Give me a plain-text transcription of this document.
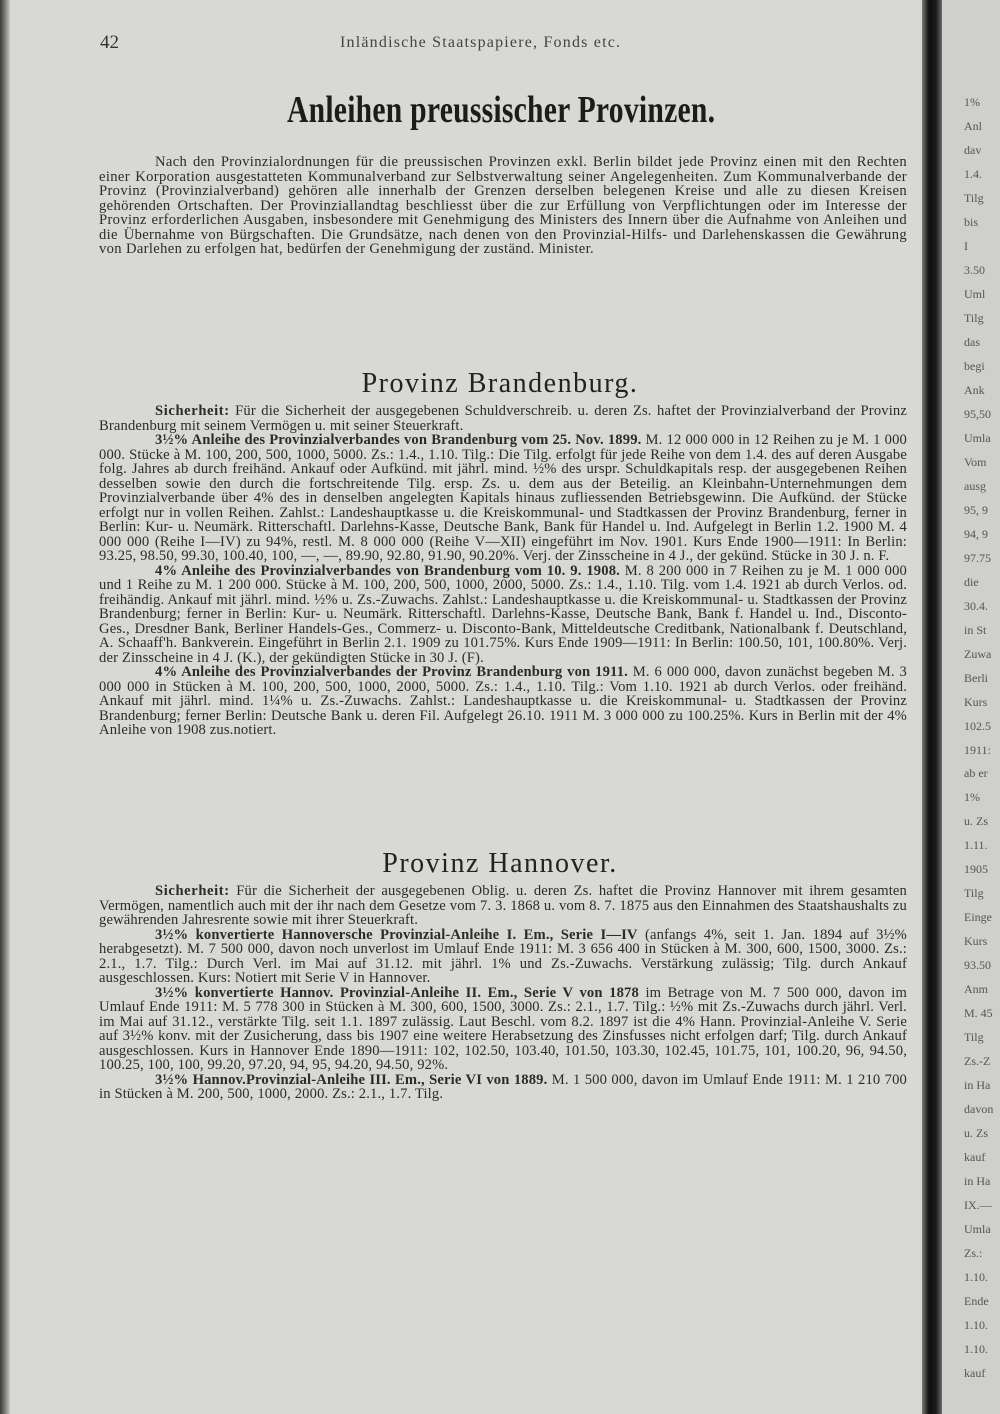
42	Inländische Staatspapiere, Fonds etc.
Anleihen preussischer Provinzen.

Nach den Provinzialordnungen für die preussischen Provinzen exkl. Berlin bildet jede Provinz einen mit den Rechten einer Korporation ausgestatteten Kommunalverband zur Selbstverwaltung seiner Angelegenheiten. Zum Kommunalverbande der Provinz (Provinzialverband) gehören alle innerhalb der Grenzen derselben belegenen Kreise und alle zu diesen Kreisen gehörenden Ortschaften. Der Provinziallandtag beschliesst über die zur Erfüllung von Verpflichtungen oder im Interesse der Provinz erforderlichen Ausgaben, insbesondere mit Genehmigung des Ministers des Innern über die Aufnahme von Anleihen und die Übernahme von Bürgschaften. Die Grundsätze, nach denen von den Provinzial-Hilfs- und Darlehenskassen die Gewährung von Darlehen zu erfolgen hat, bedürfen der Genehmigung der zuständ. Minister.

Provinz Brandenburg.

Sicherheit: Für die Sicherheit der ausgegebenen Schuldverschreib. u. deren Zs. haftet der Provinzialverband der Provinz Brandenburg mit seinem Vermögen u. mit seiner Steuerkraft.

3½% Anleihe des Provinzialverbandes von Brandenburg vom 25. Nov. 1899. M. 12 000 000 in 12 Reihen zu je M. 1 000 000. Stücke à M. 100, 200, 500, 1000, 5000. Zs.: 1.4., 1.10. Tilg.: Die Tilg. erfolgt für jede Reihe von dem 1.4. des auf deren Ausgabe folg. Jahres ab durch freihänd. Ankauf oder Aufkünd. mit jährl. mind. ½% des urspr. Schuldkapitals resp. der ausgegebenen Reihen desselben sowie den durch die fortschreitende Tilg. ersp. Zs. u. dem aus der Beteilig. an Kleinbahn-Unternehmungen dem Provinzialverbande über 4% des in denselben angelegten Kapitals hinaus zufliessenden Betriebsgewinn. Die Aufkünd. der Stücke erfolgt nur in vollen Reihen. Zahlst.: Landeshauptkasse u. die Kreiskommunal- und Stadtkassen der Provinz Brandenburg, ferner in Berlin: Kur- u. Neumärk. Ritterschaftl. Darlehns-Kasse, Deutsche Bank, Bank für Handel u. Ind. Aufgelegt in Berlin 1.2. 1900 M. 4 000 000 (Reihe I—IV) zu 94%, restl. M. 8 000 000 (Reihe V—XII) eingeführt im Nov. 1901. Kurs Ende 1900—1911: In Berlin: 93.25, 98.50, 99.30, 100.40, 100, —, —, 89.90, 92.80, 91.90, 90.20%. Verj. der Zinsscheine in 4 J., der gekünd. Stücke in 30 J. n. F.

4% Anleihe des Provinzialverbandes von Brandenburg vom 10. 9. 1908. M. 8 200 000 in 7 Reihen zu je M. 1 000 000 und 1 Reihe zu M. 1 200 000. Stücke à M. 100, 200, 500, 1000, 2000, 5000. Zs.: 1.4., 1.10. Tilg. vom 1.4. 1921 ab durch Verlos. od. freihändig. Ankauf mit jährl. mind. ½% u. Zs.-Zuwachs. Zahlst.: Landeshauptkasse u. die Kreiskommunal- u. Stadtkassen der Provinz Brandenburg; ferner in Berlin: Kur- u. Neumärk. Ritterschaftl. Darlehns-Kasse, Deutsche Bank, Bank f. Handel u. Ind., Disconto-Ges., Dresdner Bank, Berliner Handels-Ges., Commerz- u. Disconto-Bank, Mitteldeutsche Creditbank, Nationalbank f. Deutschland, A. Schaaff'h. Bankverein. Eingeführt in Berlin 2.1. 1909 zu 101.75%. Kurs Ende 1909—1911: In Berlin: 100.50, 101, 100.80%. Verj. der Zinsscheine in 4 J. (K.), der gekündigten Stücke in 30 J. (F).

4% Anleihe des Provinzialverbandes der Provinz Brandenburg von 1911. M. 6 000 000, davon zunächst begeben M. 3 000 000 in Stücken à M. 100, 200, 500, 1000, 2000, 5000. Zs.: 1.4., 1.10. Tilg.: Vom 1.10. 1921 ab durch Verlos. oder freihänd. Ankauf mit jährl. mind. 1¼% u. Zs.-Zuwachs. Zahlst.: Landeshauptkasse u. die Kreiskommunal- u. Stadtkassen der Provinz Brandenburg; ferner Berlin: Deutsche Bank u. deren Fil. Aufgelegt 26.10. 1911 M. 3 000 000 zu 100.25%. Kurs in Berlin mit der 4% Anleihe von 1908 zus.notiert.

Provinz Hannover.

Sicherheit: Für die Sicherheit der ausgegebenen Oblig. u. deren Zs. haftet die Provinz Hannover mit ihrem gesamten Vermögen, namentlich auch mit der ihr nach dem Gesetze vom 7. 3. 1868 u. vom 8. 7. 1875 aus den Einnahmen des Staatshaushalts zu gewährenden Jahresrente sowie mit ihrer Steuerkraft.

3½% konvertierte Hannoversche Provinzial-Anleihe I. Em., Serie I—IV (anfangs 4%, seit 1. Jan. 1894 auf 3½% herabgesetzt). M. 7 500 000, davon noch unverlost im Umlauf Ende 1911: M. 3 656 400 in Stücken à M. 300, 600, 1500, 3000. Zs.: 2.1., 1.7. Tilg.: Durch Verl. im Mai auf 31.12. mit jährl. 1% und Zs.-Zuwachs. Verstärkung zulässig; Tilg. durch Ankauf ausgeschlossen. Kurs: Notiert mit Serie V in Hannover.

3½% konvertierte Hannov. Provinzial-Anleihe II. Em., Serie V von 1878 im Betrage von M. 7 500 000, davon im Umlauf Ende 1911: M. 5 778 300 in Stücken à M. 300, 600, 1500, 3000. Zs.: 2.1., 1.7. Tilg.: ½% mit Zs.-Zuwachs durch jährl. Verl. im Mai auf 31.12., verstärkte Tilg. seit 1.1. 1897 zulässig. Laut Beschl. vom 8.2. 1897 ist die 4% Hann. Provinzial-Anleihe V. Serie auf 3½% konv. mit der Zusicherung, dass bis 1907 eine weitere Herabsetzung des Zinsfusses nicht erfolgen darf; Tilg. durch Ankauf ausgeschlossen. Kurs in Hannover Ende 1890—1911: 102, 102.50, 103.40, 101.50, 103.30, 102.45, 101.75, 101, 100.20, 96, 94.50, 100.25, 100, 100, 99.20, 97.20, 94, 95, 94.20, 94.50, 92%.

3½% Hannov.Provinzial-Anleihe III. Em., Serie VI von 1889. M. 1 500 000, davon im Umlauf Ende 1911: M. 1 210 700 in Stücken à M. 200, 500, 1000, 2000. Zs.: 2.1., 1.7. Tilg.

1%
Anl
dav
1.4.
Tilg
bis
I
3.50
Uml
Tilg
das
begi
Ank
95,50
Umla
Vom
ausg
95, 9
94, 9
97.75
die
30.4.
in St
Zuwa
Berli
Kurs
102.5
1911:
ab er
1%
u. Zs
1.11.
1905
Tilg
Einge
Kurs
93.50
Anm
M. 45
Tilg
Zs.-Z
in Ha
davon
u. Zs
kauf
in Ha
IX.—
Umla
Zs.:
1.10.
Ende
1.10.
1.10.
kauf
